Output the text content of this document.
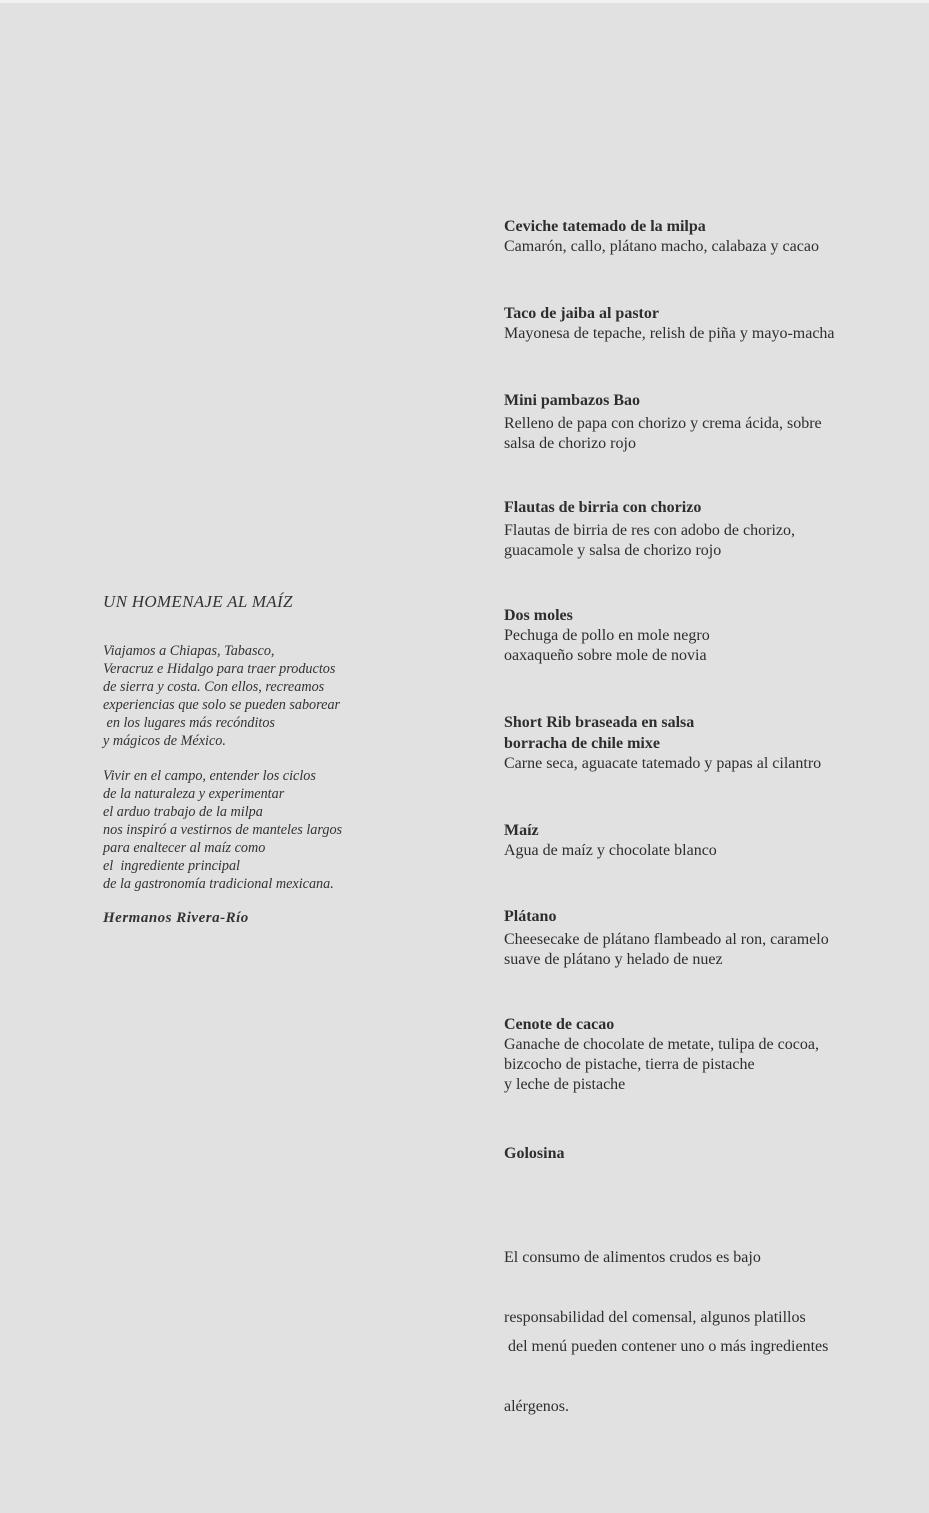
UN HOMENAJE AL MAÍZ
Viajamos a Chiapas, Tabasco,
Veracruz e Hidalgo para traer productos
de sierra y costa. Con ellos, recreamos
experiencias que solo se pueden saborear
en los lugares más recónditos
y mágicos de México.
Vivir en el campo, entender los ciclos
de la naturaleza y experimentar
el arduo trabajo de la milpa
nos inspiró a vestirnos de manteles largos
para enaltecer al maíz como
el  ingrediente principal
de la gastronomía tradicional mexicana.
Hermanos Rivera-Río
Ceviche tatemado de la milpa
Camarón, callo, plátano macho, calabaza y cacao
Taco de jaiba al pastor
Mayonesa de tepache, relish de piña y mayo-macha
Mini pambazos Bao
Relleno de papa con chorizo y crema ácida, sobre
salsa de chorizo rojo
Flautas de birria con chorizo
Flautas de birria de res con adobo de chorizo,
guacamole y salsa de chorizo rojo
Dos moles
Pechuga de pollo en mole negro
oaxaqueño sobre mole de novia
Short Rib braseada en salsa
borracha de chile mixe
Carne seca, aguacate tatemado y papas al cilantro
Maíz
Agua de maíz y chocolate blanco
Plátano
Cheesecake de plátano flambeado al ron, caramelo
suave de plátano y helado de nuez
Cenote de cacao
Ganache de chocolate de metate, tulipa de cocoa,
bizcocho de pistache, tierra de pistache
y leche de pistache
Golosina

El consumo de alimentos crudos es bajo

responsabilidad del comensal, algunos platillos

del menú pueden contener uno o más ingredientes

alérgenos.
